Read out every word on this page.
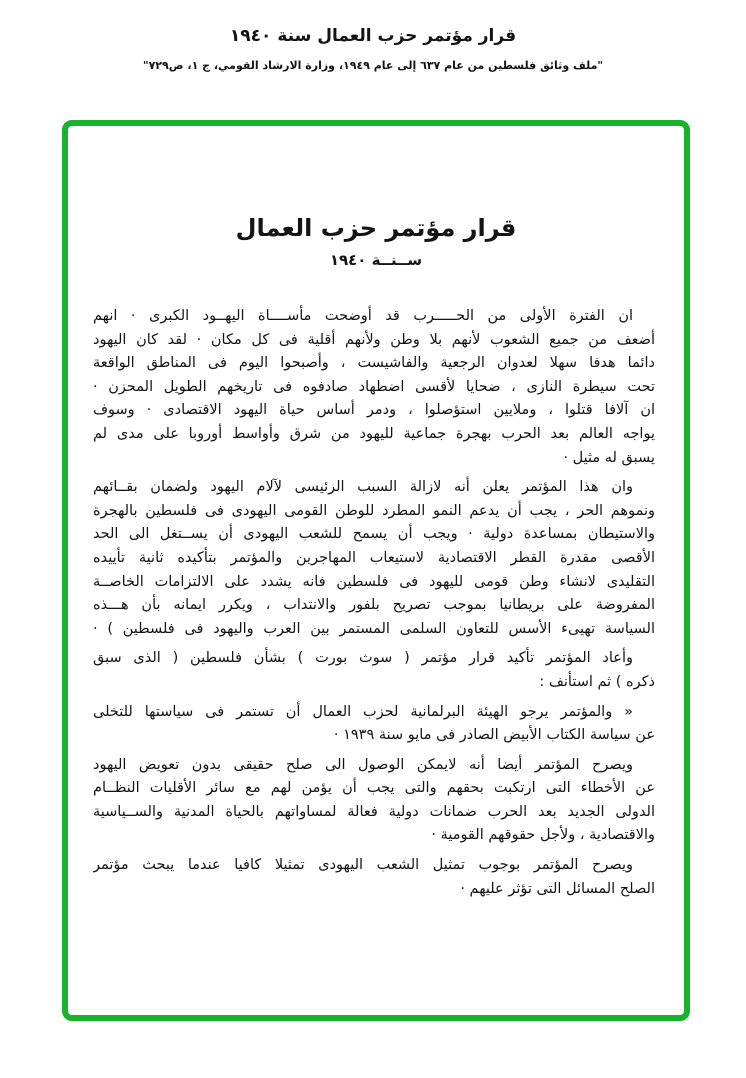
قرار مؤتمر حزب العمال سنة ١٩٤٠
"ملف وثائق فلسطين من عام ٦٣٧ إلى عام ١٩٤٩، وزارة الارشاد القومي، ج ١، ص٧٢٩"
قرار مؤتمر حزب العمال
ســنــة ١٩٤٠
ان الفترة الأولى من الحـــــرب قد أوضحت مأســــاة اليهــود الكبرى · انهم
أضعف من جميع الشعوب لأنهم بلا وطن ولأنهم أقلية فى كل مكان · لقد كان اليهود
دائما هدفا سهلا لعدوان الرجعية والفاشيست ، وأصبحوا اليوم فى المناطق الواقعة
تحت سيطرة النازى ، ضحايا لأقسى اضطهاد صادفوه فى تاريخهم الطويل المحزن ·
ان آلافا قتلوا ، وملايين استؤصلوا ، ودمر أساس حياة اليهود الاقتصادى · وسوف
يواجه العالم بعد الحرب بهجرة جماعية لليهود من شرق وأواسط أوروبا على مدى لم
يسبق له مثيل ·
وان هذا المؤتمر يعلن أنه لازالة السبب الرئيسى لآلام اليهود ولضمان بقــائهم
ونموهم الحر ، يجب أن يدعم النمو المطرد للوطن القومى اليهودى فى فلسطين بالهجرة
والاستيطان بمساعدة دولية · ويجب أن يسمح للشعب اليهودى أن يســتغل الى الحد
الأقصى مقدرة القطر الاقتصادية لاستيعاب المهاجرين والمؤتمر بتأكيده ثانية تأييده
التقليدى لانشاء وطن قومى لليهود فى فلسطين فانه يشدد على الالتزامات الخاصــة
المفروضة على بريطانيا بموجب تصريح بلفور والانتداب ، ويكرر ايمانه بأن هـــذه
السياسة تهيىء الأسس للتعاون السلمى المستمر بين العرب واليهود فى فلسطين ) ·
وأعاد المؤتمر تأكيد قرار مؤتمر ( سوث بورت ) بشأن فلسطين ( الذى سبق
ذكره ) ثم استأنف :
« والمؤتمر يرجو الهيئة البرلمانية لحزب العمال أن تستمر فى سياستها للتخلى
عن سياسة الكتاب الأبيض الصادر فى مايو سنة ١٩٣٩ ·
ويصرح المؤتمر أيضا أنه لايمكن الوصول الى صلح حقيقى بدون تعويض اليهود
عن الأخطاء التى ارتكبت بحقهم والتى يجب أن يؤمن لهم مع سائر الأقليات النظــام
الدولى الجديد بعد الحرب ضمانات دولية فعالة لمساواتهم بالحياة المدنية والســياسية
والاقتصادية ، ولأجل حقوقهم القومية ·
ويصرح المؤتمر بوجوب تمثيل الشعب اليهودى تمثيلا كافيا عندما يبحث مؤتمر
الصلح المسائل التى تؤثر عليهم ·
